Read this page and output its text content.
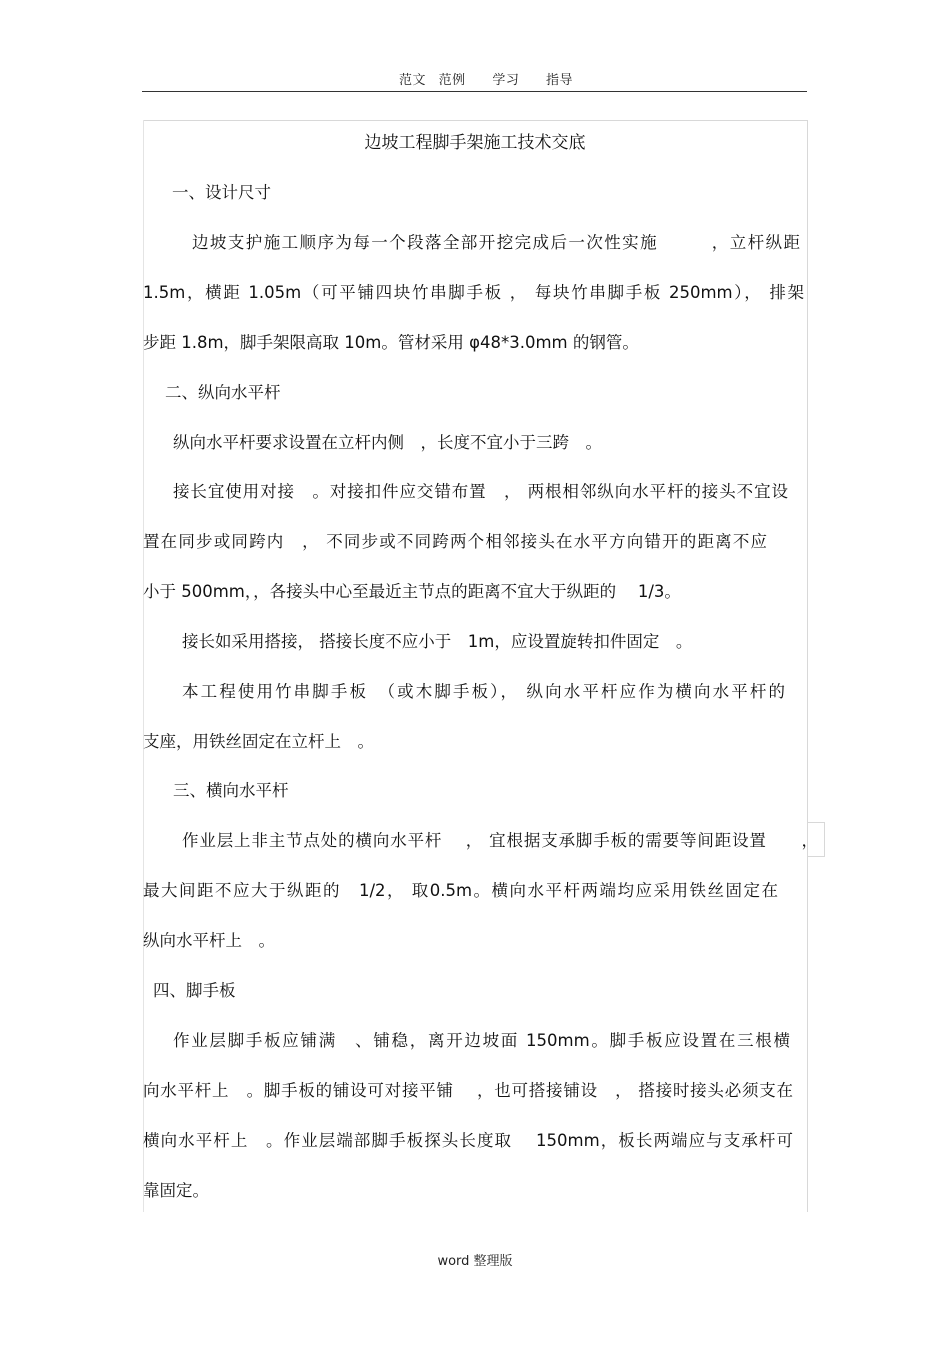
范文 范例 学习 指导
边坡工程脚手架施工技术交底
一、设计尺寸
边坡支护施工顺序为每一个段落全部开挖完成后一次性实施　　　，立杆纵距
1.5m，横距 1.05m（可平铺四块竹串脚手板 ， 每块竹串脚手板 250mm）， 排架
步距 1.8m，脚手架限高取 10m。管材采用 φ48*3.0mm 的钢管。
二、纵向水平杆
纵向水平杆要求设置在立杆内侧　，长度不宜小于三跨　。
接长宜使用对接　。对接扣件应交错布置　， 两根相邻纵向水平杆的接头不宜设
置在同步或同跨内　， 不同步或不同跨两个相邻接头在水平方向错开的距离不应
小于 500mm，，各接头中心至最近主节点的距离不宜大于纵距的　 1/3。
接长如采用搭接， 搭接长度不应小于　1m，应设置旋转扣件固定　。
本工程使用竹串脚手板　（或木脚手板）， 纵向水平杆应作为横向水平杆的
支座，用铁丝固定在立杆上　。
三、横向水平杆
作业层上非主节点处的横向水平杆　 ， 宜根据支承脚手板的需要等间距设置　　，
最大间距不应大于纵距的　1/2， 取0.5m。横向水平杆两端均应采用铁丝固定在
纵向水平杆上　。
四、脚手板
作业层脚手板应铺满　、铺稳，离开边坡面 150mm。脚手板应设置在三根横
向水平杆上　。脚手板的铺设可对接平铺　 ，也可搭接铺设　， 搭接时接头必须支在
横向水平杆上　。作业层端部脚手板探头长度取　 150mm，板长两端应与支承杆可
靠固定。
word 整理版
